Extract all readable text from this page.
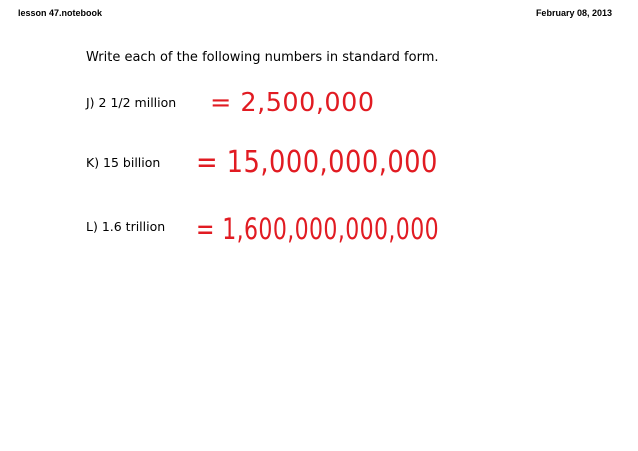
lesson 47.notebook	February 08, 2013
Write each of the following numbers in standard form.
J) 2 1/2 million = 2,500,000
K) 15 billion = 15,000,000,000
L) 1.6 trillion = 1,600,000,000,000
